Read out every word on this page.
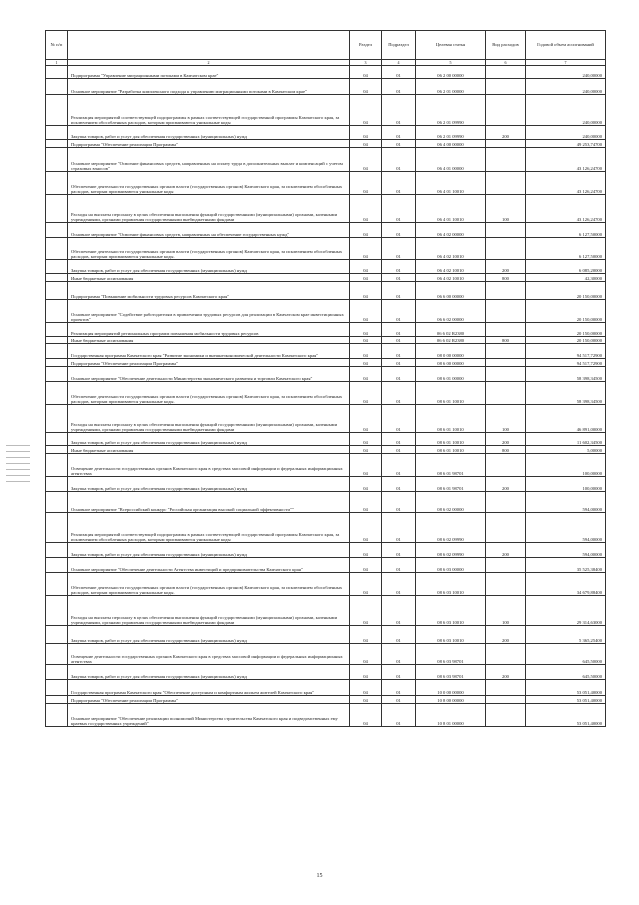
№ п/п		Раздел	Подраздел	Целевая статья	Вид расходов	Годовой объем ассигнований
1	2	3	4	5	6	7
	Подпрограмма "Управление миграционными потоками в Камчатском крае"	04	01	06 2 00 00000		240,00000
	Основное мероприятие "Разработка комплексного подхода к управлению миграционными потоками в Камчатском крае"	04	01	06 2 01 00000		240,00000
	Реализация мероприятий соответствующей подпрограммы в рамках соответствующей государственной программы Камчатского края, за исключением обособленных расходов, которым присваиваются уникальные коды	04	01	06 2 01 09990		240,00000
	Закупка товаров, работ и услуг для обеспечения государственных (муниципальных) нужд	04	01	06 2 01 09990	200	240,00000
	Подпрограмма "Обеспечение реализации Программы"	04	01	06 4 00 00000		49 253,74700
	Основное мероприятие "Освоение финансовых средств, направленных на оплату труда в дополнительных выплат и компенсаций с учетом страховых взносов"	04	01	06 4 01 00000		43 126,24700
	Обеспечение деятельности государственных органов власти (государственных органов) Камчатского края, за исключением обособленных расходов, которым присваиваются уникальные коды	04	01	06 4 01 10010		43 126,24700
	Расходы на выплаты персоналу в целях обеспечения выполнения функций государственными (муниципальными) органами, казенными учреждениями, органами управления государственными внебюджетными фондами	04	01	06 4 01 10010	100	43 126,24700
	Основное мероприятие "Освоение финансовых средств, направленных на обеспечение государственных нужд"	04	01	06 4 02 00000		6 127,50000
	Обеспечение деятельности государственных органов власти (государственных органов) Камчатского края, за исключением обособленных расходов, которым присваиваются уникальные коды.	04	01	06 4 02 10010		6 127,50000
	Закупка товаров, работ и услуг для обеспечения государственных (муниципальных) нужд	04	01	06 4 02 10010	200	6 085,20000
	Иные бюджетные ассигнования	04	01	06 4 02 10010	800	42,30000
	Подпрограмма "Повышение мобильности трудовых ресурсов Камчатского края"	04	01	06 6 00 00000		20 150,00000
	Основное мероприятие "Содействие работодателям в привлечении трудовых ресурсов для реализации в Камчатском крае инвестиционных проектов"	04	01	06 6 02 00000		20 150,00000
	Реализация мероприятий региональных программ повышения мобильности трудовых ресурсов	04	01	06 6 02 R2380		20 150,00000
	Иные бюджетные ассигнования	04	01	06 6 02 R2380	800	20 150,00000
	Государственная программа Камчатского края "Развитие экономики и внешнеэкономической деятельности Камчатского края"	04	01	08 0 00 00000		94 517,72900
	Подпрограмма "Обеспечение реализации Программы"	04	01	08 6 00 00000		94 517,72900
	Основное мероприятие "Обеспечение деятельности Министерства экономического развития и торговли Камчатского края"	04	01	08 6 01 00000		58 398,34500
	Обеспечение деятельности государственных органов власти (государственных органов) Камчатского края, за исключением обособленных расходов, которым присваиваются уникальные коды.	04	01	08 6 01 10010		58 398,34500
	Расходы на выплаты персоналу в целях обеспечения выполнения функций государственными (муниципальными) органами, казенными учреждениями, органами управления государственными внебюджетными фондами	04	01	08 6 01 10010	100	46 891,00000
	Закупка товаров, работ и услуг для обеспечения государственных (муниципальных) нужд	04	01	08 6 01 10010	200	11 602,34500
	Иные бюджетные ассигнования	04	01	08 6 01 10010	800	5,00000
	Освещение деятельности государственных органов Камчатского края в средствах массовой информации и федеральных информационных агентствах	04	01	08 6 01 98701		100,00000
	Закупка товаров, работ и услуг для обеспечения государственных (муниципальных) нужд	04	01	08 6 01 98701	200	100,00000
	Основное мероприятие "Всероссийский конкурс "Российская организация высокой социальной эффективности""	04	01	08 6 02 00000		594,00000
	Реализация мероприятий соответствующей подпрограммы в рамках соответствующей государственной программы Камчатского края, за исключением обособленных расходов, которым присваиваются уникальные коды	04	01	08 6 02 09990		594,00000
	Закупка товаров, работ и услуг для обеспечения государственных (муниципальных) нужд	04	01	08 6 02 09990	200	594,00000
	Основное мероприятие "Обеспечение деятельности Агентства инвестиций и предпринимательства Камчатского края"	04	01	08 6 03 00000		35 525,38400
	Обеспечение деятельности государственных органов власти (государственных органов) Камчатского края, за исключением обособленных расходов, которым присваиваются уникальные коды.	04	01	08 6 03 10010		34 679,88400
	Расходы на выплаты персоналу в целях обеспечения выполнения функций государственными (муниципальными) органами, казенными учреждениями, органами управления государственными внебюджетными фондами	04	01	08 6 03 10010	100	29 314,63000
	Закупка товаров, работ и услуг для обеспечения государственных (муниципальных) нужд	04	01	08 6 03 10010	200	5 365,25400
	Освещение деятельности государственных органов Камчатского края в средствах массовой информации и федеральных информационных агентствах	04	01	08 6 03 98701		645,50000
	Закупка товаров, работ и услуг для обеспечения государственных (муниципальных) нужд	04	01	08 6 03 98701	200	645,50000
	Государственная программа Камчатского края "Обеспечение доступным и комфортным жильем жителей Камчатского края"	04	01	10 0 00 00000		53 051,40000
	Подпрограмма "Обеспечение реализации Программы"	04	01	10 8 00 00000		53 051,40000
	Основное мероприятие "Обеспечение реализации полномочий Министерства строительства Камчатского края и подведомственных ему краевых государственных учреждений"	04	01	10 8 01 00000		53 051,40000
15
